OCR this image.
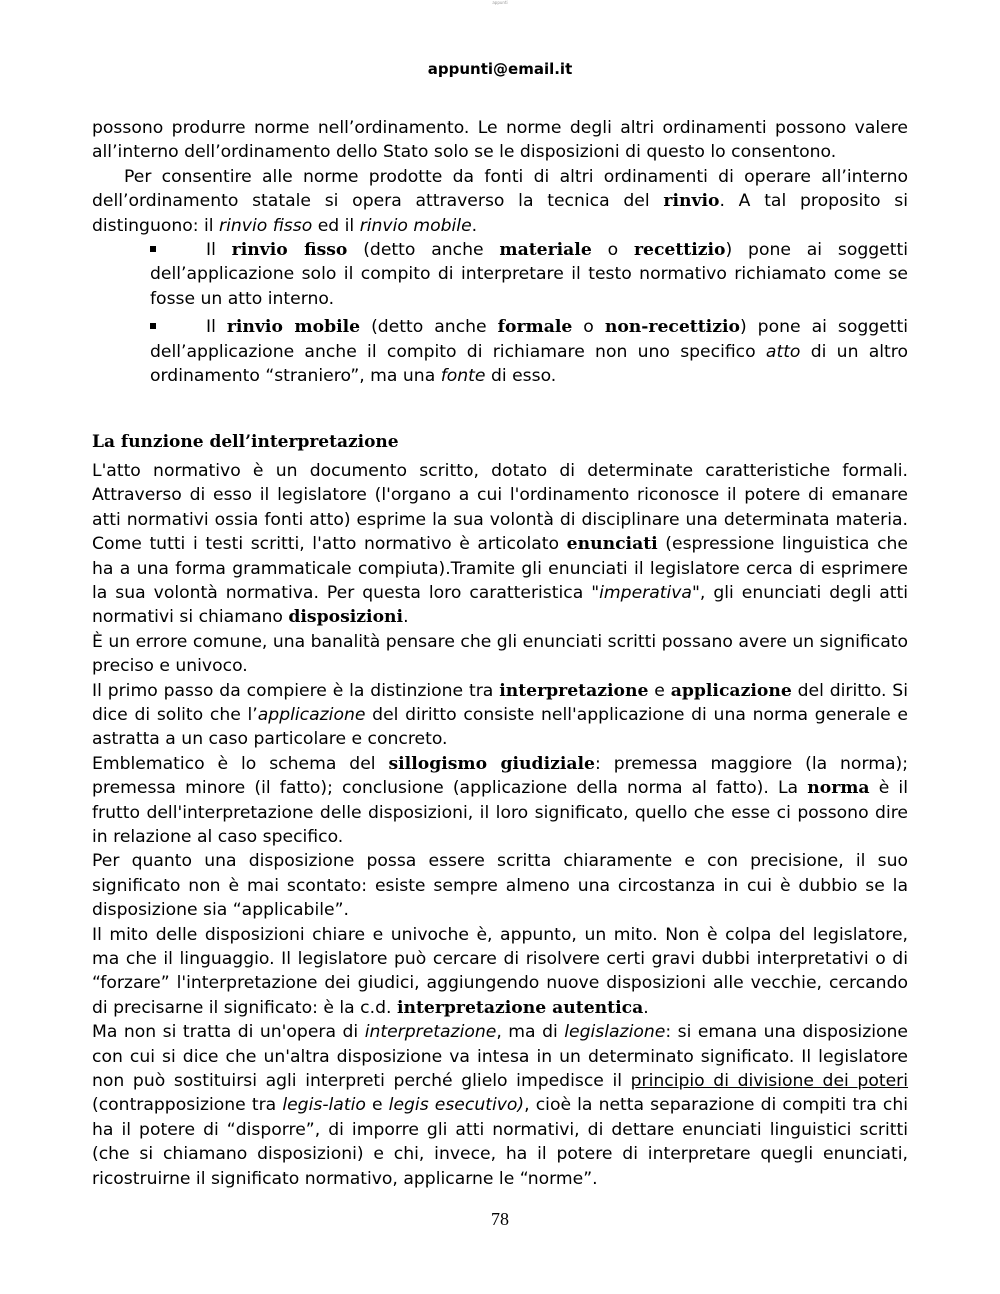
appunti
appunti@email.it

possono produrre norme nell’ordinamento. Le norme degli altri ordinamenti possono valere all’interno dell’ordinamento dello Stato solo se le disposizioni di questo lo consentono.

Per consentire alle norme prodotte da fonti di altri ordinamenti di operare all’interno dell’ordinamento statale si opera attraverso la tecnica del rinvio. A tal proposito si distinguono: il rinvio fisso ed il rinvio mobile.

Il rinvio fisso (detto anche materiale o recettizio) pone ai soggetti dell’applicazione solo il compito di interpretare il testo normativo richiamato come se fosse un atto interno.

Il rinvio mobile (detto anche formale o non-recettizio) pone ai soggetti dell’applicazione anche il compito di richiamare non uno specifico atto di un altro ordinamento “straniero”, ma una fonte di esso.

La funzione dell’interpretazione

L'atto normativo è un documento scritto, dotato di determinate caratteristiche formali. Attraverso di esso il legislatore (l'organo a cui l'ordinamento riconosce il potere di emanare atti normativi ossia fonti atto) esprime la sua volontà di disciplinare una determinata materia. Come tutti i testi scritti, l'atto normativo è articolato enunciati (espressione linguistica che ha a una forma grammaticale compiuta).Tramite gli enunciati il legislatore cerca di esprimere la sua volontà normativa. Per questa loro caratteristica "imperativa", gli enunciati degli atti normativi si chiamano disposizioni.

È un errore comune, una banalità pensare che gli enunciati scritti possano avere un significato preciso e univoco.

Il primo passo da compiere è la distinzione tra interpretazione e applicazione del diritto. Si dice di solito che l’applicazione del diritto consiste nell'applicazione di una norma generale e astratta a un caso particolare e concreto.

Emblematico è lo schema del sillogismo giudiziale: premessa maggiore (la norma); premessa minore (il fatto); conclusione (applicazione della norma al fatto). La norma è il frutto dell'interpretazione delle disposizioni, il loro significato, quello che esse ci possono dire in relazione al caso specifico.

Per quanto una disposizione possa essere scritta chiaramente e con precisione, il suo significato non è mai scontato: esiste sempre almeno una circostanza in cui è dubbio se la disposizione sia “applicabile”.

Il mito delle disposizioni chiare e univoche è, appunto, un mito. Non è colpa del legislatore, ma che il linguaggio. Il legislatore può cercare di risolvere certi gravi dubbi interpretativi o di “forzare” l'interpretazione dei giudici, aggiungendo nuove disposizioni alle vecchie, cercando di precisarne il significato: è la c.d. interpretazione autentica.

Ma non si tratta di un'opera di interpretazione, ma di legislazione: si emana una disposizione con cui si dice che un'altra disposizione va intesa in un determinato significato. Il legislatore non può sostituirsi agli interpreti perché glielo impedisce il principio di divisione dei poteri (contrapposizione tra legis-latio e legis esecutivo), cioè la netta separazione di compiti tra chi ha il potere di “disporre”, di imporre gli atti normativi, di dettare enunciati linguistici scritti (che si chiamano disposizioni) e chi, invece, ha il potere di interpretare quegli enunciati, ricostruirne il significato normativo, applicarne le “norme”.

78
